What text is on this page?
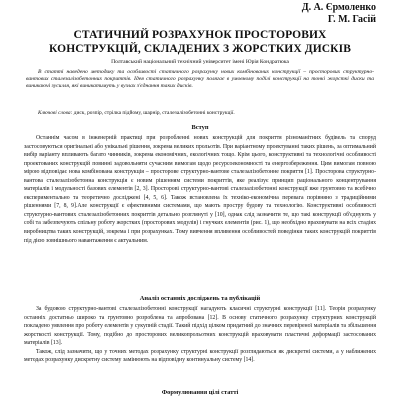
Д. А. Єрмоленко
Г. М. Гасій
СТАТИЧНИЙ РОЗРАХУНОК ПРОСТОРОВИХ
КОНСТРУКЦІЙ, СКЛАДЕНИХ З ЖОРСТКИХ ДИСКІВ
Полтавський національний технічний університет імені Юрія Кондратюка

В статті наведено методику та особливості статичного розрахунку нових комбінованих конструкції – просторових структурно-вантових сталезалізобетонних покриттів. Ідея статичного розрахунку полягає в умовному поділі конструкції на тонкі жорсткі диски та виникаючі зусилля, які виникатимуть у вузлах з'єднання таких дисків.

Ключові слова: диск, розпір, стрілка підйому, шарнір, сталезалізобетонні конструкції.
Вступ

Останнім часом в інженерній практиці при розробленні нових конструкцій для покриття різноманітних будівель та споруд застосовуються оригінальні або унікальні рішення, зокрема великих прольотів. При варіантному проектуванні таких рішень, за оптимальний вибір варіанту впливають багато чинників, зокрема економічних, екологічних тощо. Крім цього, конструктивні та технологічні особливості проектованих конструкцій повинні задовольняти сучасним вимогам щодо ресурсоекономності та енергозбереження. Цим вимогам повною мірою відповідає нова комбінована конструкція – просторове структурно-вантове сталезалізобетонне покриття [1]. Просторова структурно-вантова сталезалізобетонна конструкція є новим рішенням системи покриттів, яке реалізує принцип раціонального концентрування матеріалів і модульності базових елементів [2, 3]. Просторові структурно-вантові сталезалізобетонні конструкції вже грунтовно та всебічно експериментально та теоретично досліджені [4, 5, 6]. Також встановлена їх техніко-економічна перевага порівняно з традиційними рішеннями [7, 8, 9].Але конструкції є ефективними системами, що мають простру будову та технологію. Конструктивні особливості структурно-вантових сталезалізобетонних покриттів детально розглянуті у [10], однак слід зазначити те, що такі конструкції об'єднують у собі та забезпечують спільну роботу жорстких (просторових модулів) і гнучких елементів (рис. 1), що необхідно враховувати на всіх стадіях виробництва таких конструкцій, зокрема і при розрахунках. Тому вивчення впливення особливостей поведінки таких конструкцій покриттів під дією зовнішнього навантаження є актуальним.

Аналіз останніх досліджень та публікацій

За будовою структурно-вантові сталезалізобетонні конструкції нагадують класичні структурні конструкції [11]. Теорія розрахунку останніх достатньо широко та грунтовно розроблена та апробована [12]. В основу статичного розрахунку структурних конструкцій покладено уявлення про роботу елементів у сукупній стадії. Такий підхід цілком придатний до значних перевіреної матеріалів та збільшення жорсткості конструкції. Тому, подібно до просторових великопрольотних конструкцій враховувати пластичні деформації застосованих матеріалів [13].

Також, слід зазначити, що у точних методах розрахунку структурні конструкції розглядаються як дискретні системи, а у наближених методах розрахунку дискретну систему замінюють на відповідну континуальну систему [14].

Формулювання цілі статті
